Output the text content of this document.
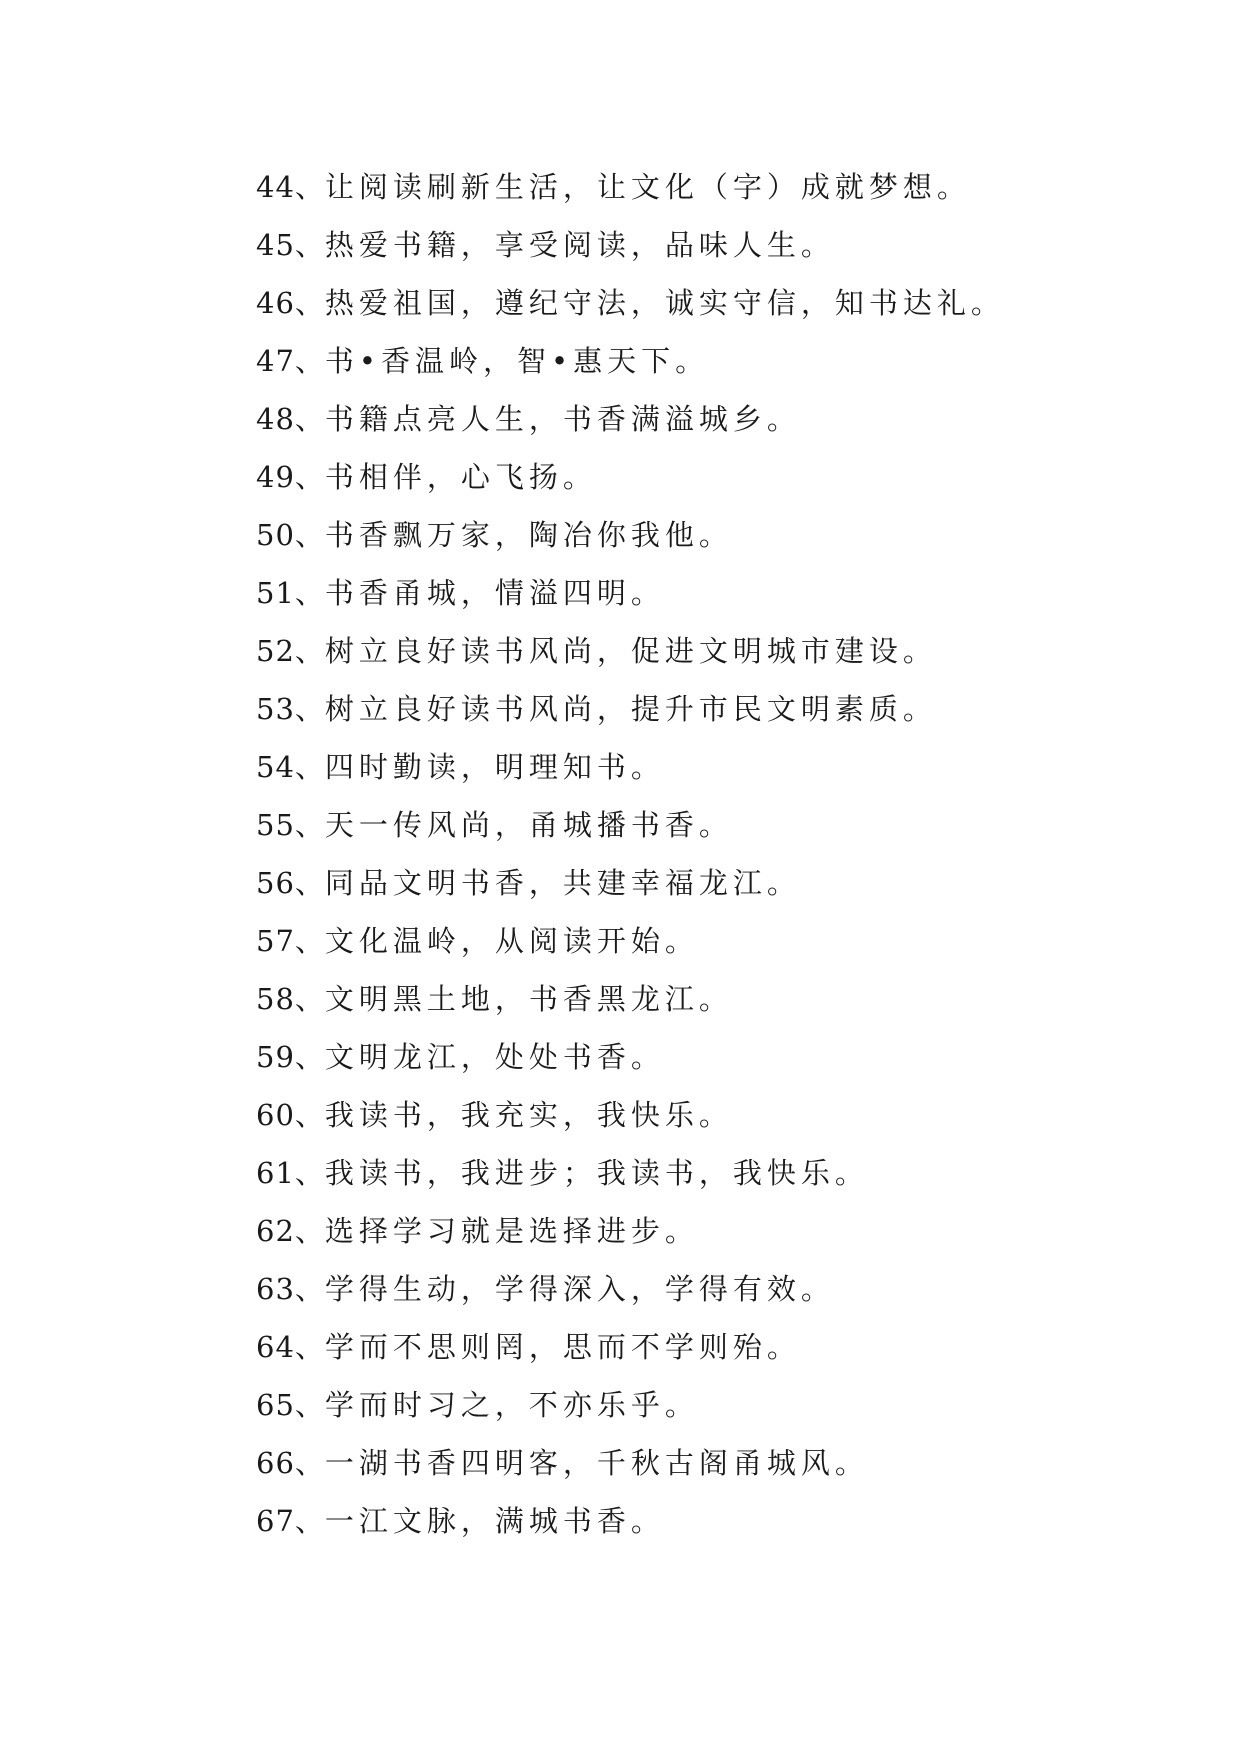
44、让阅读刷新生活，让文化（字）成就梦想。
45、热爱书籍，享受阅读，品味人生。
46、热爱祖国，遵纪守法，诚实守信，知书达礼。
47、书•香温岭，智•惠天下。
48、书籍点亮人生，书香满溢城乡。
49、书相伴，心飞扬。
50、书香飘万家，陶冶你我他。
51、书香甬城，情溢四明。
52、树立良好读书风尚，促进文明城市建设。
53、树立良好读书风尚，提升市民文明素质。
54、四时勤读，明理知书。
55、天一传风尚，甬城播书香。
56、同品文明书香，共建幸福龙江。
57、文化温岭，从阅读开始。
58、文明黑土地，书香黑龙江。
59、文明龙江，处处书香。
60、我读书，我充实，我快乐。
61、我读书，我进步；我读书，我快乐。
62、选择学习就是选择进步。
63、学得生动，学得深入，学得有效。
64、学而不思则罔，思而不学则殆。
65、学而时习之，不亦乐乎。
66、一湖书香四明客，千秋古阁甬城风。
67、一江文脉，满城书香。
